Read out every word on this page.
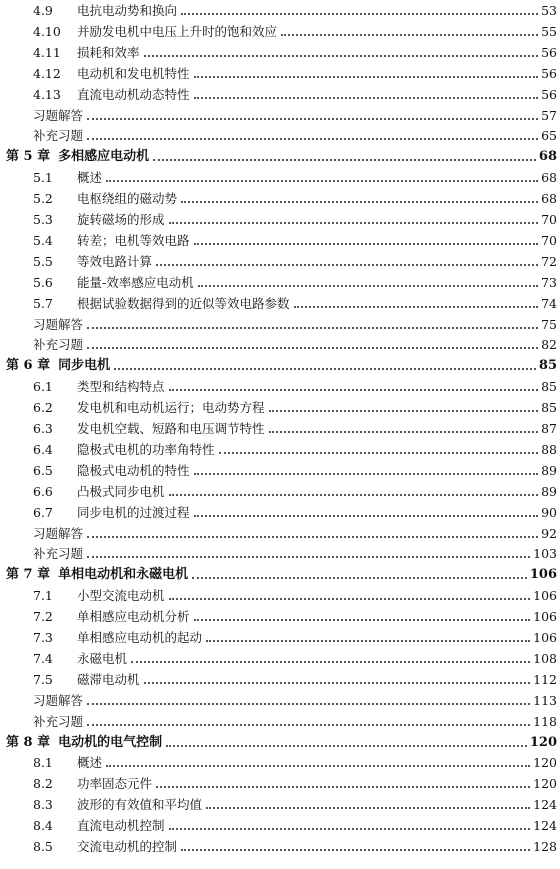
4.9	电抗电动势和换向	53
4.10	并励发电机中电压上升时的饱和效应	55
4.11	损耗和效率	56
4.12	电动机和发电机特性	56
4.13	直流电动机动态特性	56
习题解答	57
补充习题	65
第 5 章 多相感应电动机	68
5.1	概述	68
5.2	电枢绕组的磁动势	68
5.3	旋转磁场的形成	70
5.4	转差；电机等效电路	70
5.5	等效电路计算	72
5.6	能量-效率感应电动机	73
5.7	根据试验数据得到的近似等效电路参数	74
习题解答	75
补充习题	82
第 6 章 同步电机	85
6.1	类型和结构特点	85
6.2	发电机和电动机运行；电动势方程	85
6.3	发电机空载、短路和电压调节特性	87
6.4	隐极式电机的功率角特性	88
6.5	隐极式电动机的特性	89
6.6	凸极式同步电机	89
6.7	同步电机的过渡过程	90
习题解答	92
补充习题	103
第 7 章 单相电动机和永磁电机	106
7.1	小型交流电动机	106
7.2	单相感应电动机分析	106
7.3	单相感应电动机的起动	106
7.4	永磁电机	108
7.5	磁滞电动机	112
习题解答	113
补充习题	118
第 8 章 电动机的电气控制	120
8.1	概述	120
8.2	功率固态元件	120
8.3	波形的有效值和平均值	124
8.4	直流电动机控制	124
8.5	交流电动机的控制	128
